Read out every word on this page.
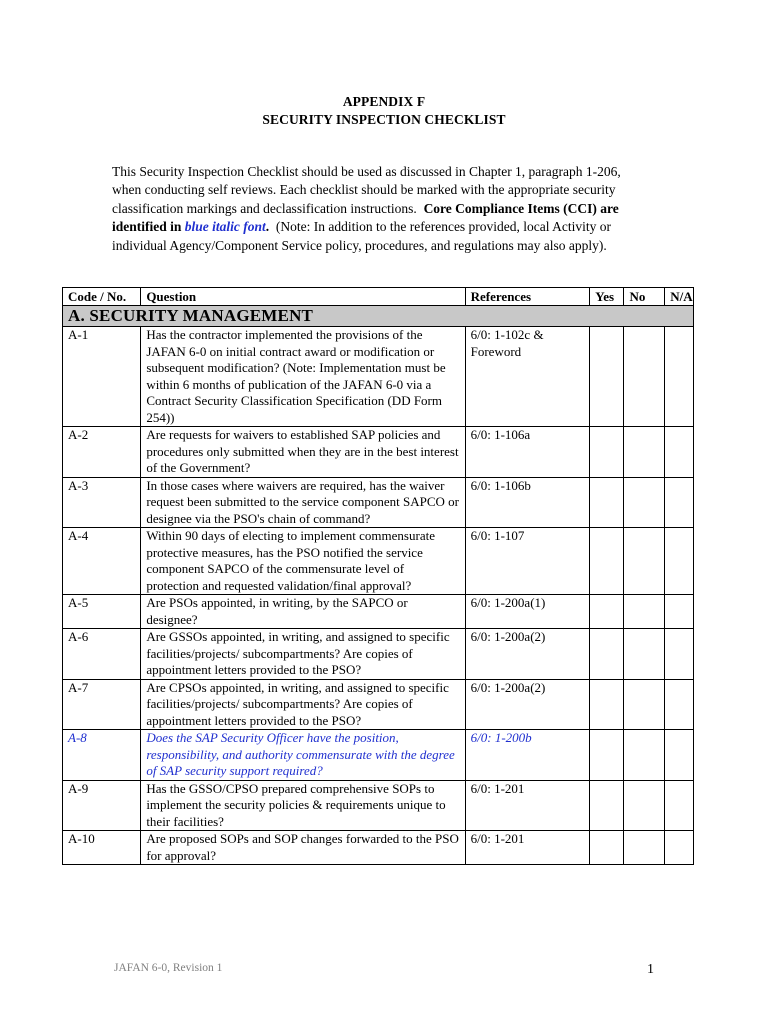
APPENDIX F
SECURITY INSPECTION CHECKLIST
This Security Inspection Checklist should be used as discussed in Chapter 1, paragraph 1-206, when conducting self reviews. Each checklist should be marked with the appropriate security classification markings and declassification instructions. Core Compliance Items (CCI) are identified in blue italic font. (Note: In addition to the references provided, local Activity or individual Agency/Component Service policy, procedures, and regulations may also apply).
Code / No.	Question	References	Yes	No	N/A
A. SECURITY MANAGEMENT					
A-1	Has the contractor implemented the provisions of the JAFAN 6-0 on initial contract award or modification or subsequent modification? (Note: Implementation must be within 6 months of publication of the JAFAN 6-0 via a Contract Security Classification Specification (DD Form 254))	6/0: 1-102c & Foreword			
A-2	Are requests for waivers to established SAP policies and procedures only submitted when they are in the best interest of the Government?	6/0: 1-106a			
A-3	In those cases where waivers are required, has the waiver request been submitted to the service component SAPCO or designee via the PSO's chain of command?	6/0: 1-106b			
A-4	Within 90 days of electing to implement commensurate protective measures, has the PSO notified the service component SAPCO of the commensurate level of protection and requested validation/final approval?	6/0: 1-107			
A-5	Are PSOs appointed, in writing, by the SAPCO or designee?	6/0: 1-200a(1)			
A-6	Are GSSOs appointed, in writing, and assigned to specific facilities/projects/ subcompartments? Are copies of appointment letters provided to the PSO?	6/0: 1-200a(2)			
A-7	Are CPSOs appointed, in writing, and assigned to specific facilities/projects/ subcompartments? Are copies of appointment letters provided to the PSO?	6/0: 1-200a(2)			
A-8	Does the SAP Security Officer have the position, responsibility, and authority commensurate with the degree of SAP security support required?	6/0: 1-200b			
A-9	Has the GSSO/CPSO prepared comprehensive SOPs to implement the security policies & requirements unique to their facilities?	6/0: 1-201			
A-10	Are proposed SOPs and SOP changes forwarded to the PSO for approval?	6/0: 1-201			
JAFAN 6-0, Revision 1	1
